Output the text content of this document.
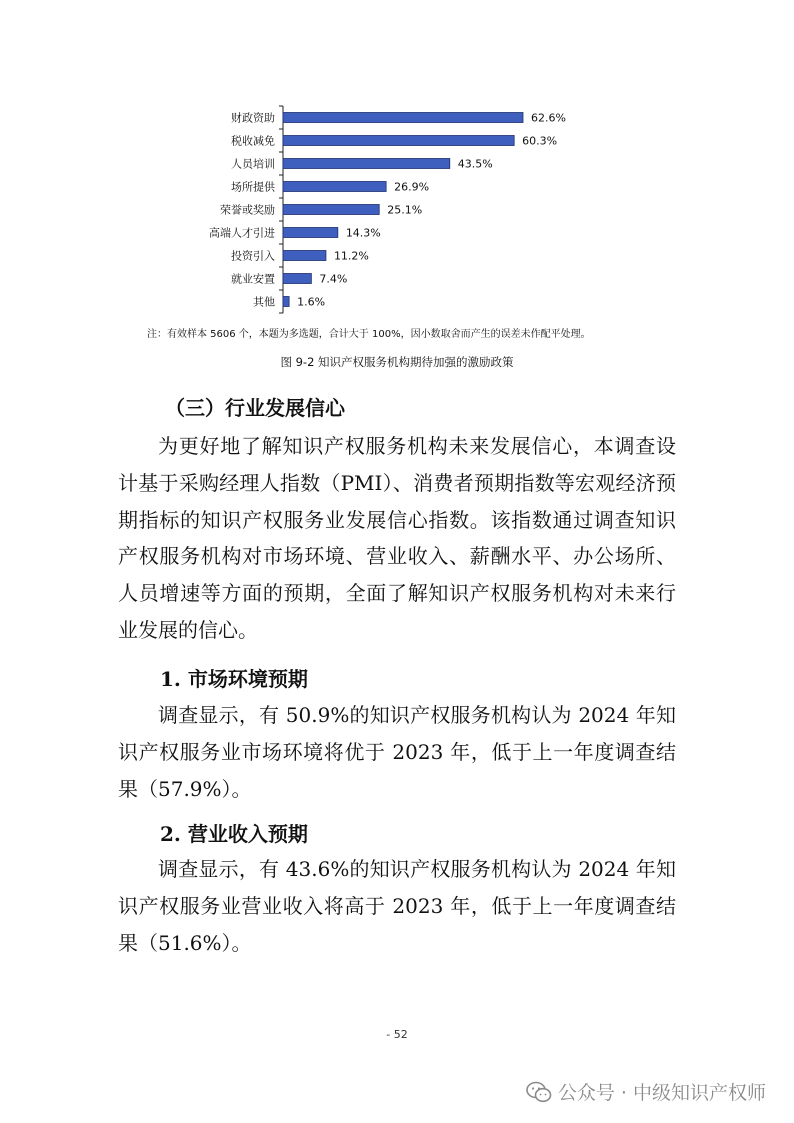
财政资助	62.6%
税收减免	60.3%
人员培训	43.5%
场所提供	26.9%
荣誉或奖励	25.1%
高端人才引进	14.3%
投资引入	11.2%
就业安置	7.4%
其他 1.6%
注：有效样本 5606 个，本题为多选题，合计大于 100%，因小数取舍而产生的误差未作配平处理。
图 9-2 知识产权服务机构期待加强的激励政策
（三）行业发展信心

为更好地了解知识产权服务机构未来发展信心，本调查设计基于采购经理人指数（PMI）、消费者预期指数等宏观经济预期指标的知识产权服务业发展信心指数。该指数通过调查知识产权服务机构对市场环境、营业收入、薪酬水平、办公场所、人员增速等方面的预期，全面了解知识产权服务机构对未来行业发展的信心。

1. 市场环境预期

调查显示，有 50.9%的知识产权服务机构认为 2024 年知识产权服务业市场环境将优于 2023 年，低于上一年度调查结果（57.9%）。

2. 营业收入预期

调查显示，有 43.6%的知识产权服务机构认为 2024 年知识产权服务业营业收入将高于 2023 年，低于上一年度调查结果（51.6%）。

- 52
公众号 · 中级知识产权师
